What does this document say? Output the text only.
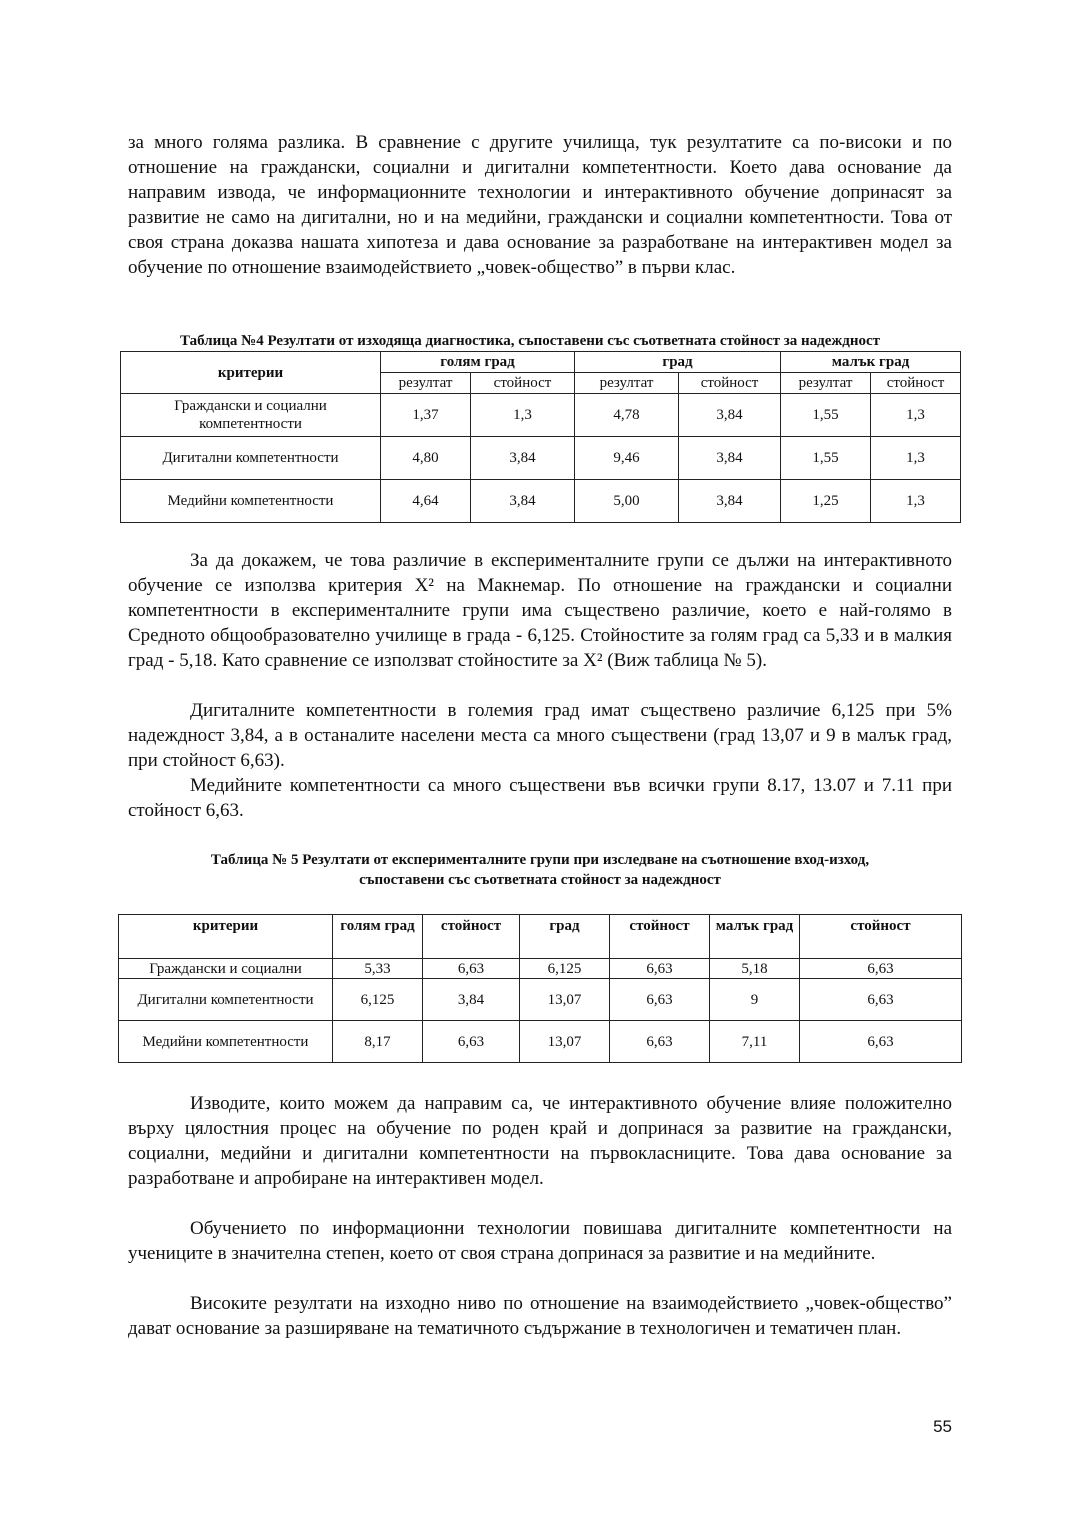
за много голяма разлика. В сравнение с другите училища, тук резултатите са по-високи и по отношение на граждански, социални и дигитални компетентности. Което дава основание да направим извода, че информационните технологии и интерактивното обучение допринасят за развитие не само на дигитални, но и на медийни, граждански и социални компетентности. Това от своя страна доказва нашата хипотеза и дава основание за разработване на интерактивен модел за обучение по отношение взаимодействието „човек-общество” в първи клас.

Таблица №4 Резултати от изходяща диагностика, съпоставени със съответната стойност за надеждност

критерии	голям град		град		малък град	
	резултат	стойност	резултат	стойност	резултат	стойност
Граждански и социални компетентности	1,37	1,3	4,78	3,84	1,55	1,3
Дигитални компетентности	4,80	3,84	9,46	3,84	1,55	1,3
Медийни компетентности	4,64	3,84	5,00	3,84	1,25	1,3

За да докажем, че това различие в експерименталните групи се дължи на интерактивното обучение се използва критерия Х² на Макнемар. По отношение на граждански и социални компетентности в експерименталните групи има съществено различие, което е най-голямо в Средното общообразователно училище в града - 6,125. Стойностите за голям град са 5,33 и в малкия град - 5,18. Като сравнение се използват стойностите за Х² (Виж таблица № 5).

Дигиталните компетентности в големия град имат съществено различие 6,125 при 5% надеждност 3,84, а в останалите населени места са много съществени (град 13,07 и 9 в малък град, при стойност 6,63).

Медийните компетентности са много съществени във всички групи 8.17, 13.07 и 7.11 при стойност 6,63.

Таблица № 5 Резултати от експерименталните групи при изследване на съотношение вход-изход,

съпоставени със съответната стойност за надеждност

критерии	голям град	стойност	град	стойност	малък град	стойност
Граждански и социални	5,33	6,63	6,125	6,63	5,18	6,63
Дигитални компетентности	6,125	3,84	13,07	6,63	9	6,63
Медийни компетентности	8,17	6,63	13,07	6,63	7,11	6,63

Изводите, които можем да направим са, че интерактивното обучение влияе положително върху цялостния процес на обучение по роден край и допринася за развитие на граждански, социални, медийни и дигитални компетентности на първокласниците. Това дава основание за разработване и апробиране на интерактивен модел.

Обучението по информационни технологии повишава дигиталните компетентности на учениците в значителна степен, което от своя страна допринася за развитие и на медийните.

Високите резултати на изходно ниво по отношение на взаимодействието „човек-общество” дават основание за разширяване на тематичното съдържание в технологичен и тематичен план.

55
